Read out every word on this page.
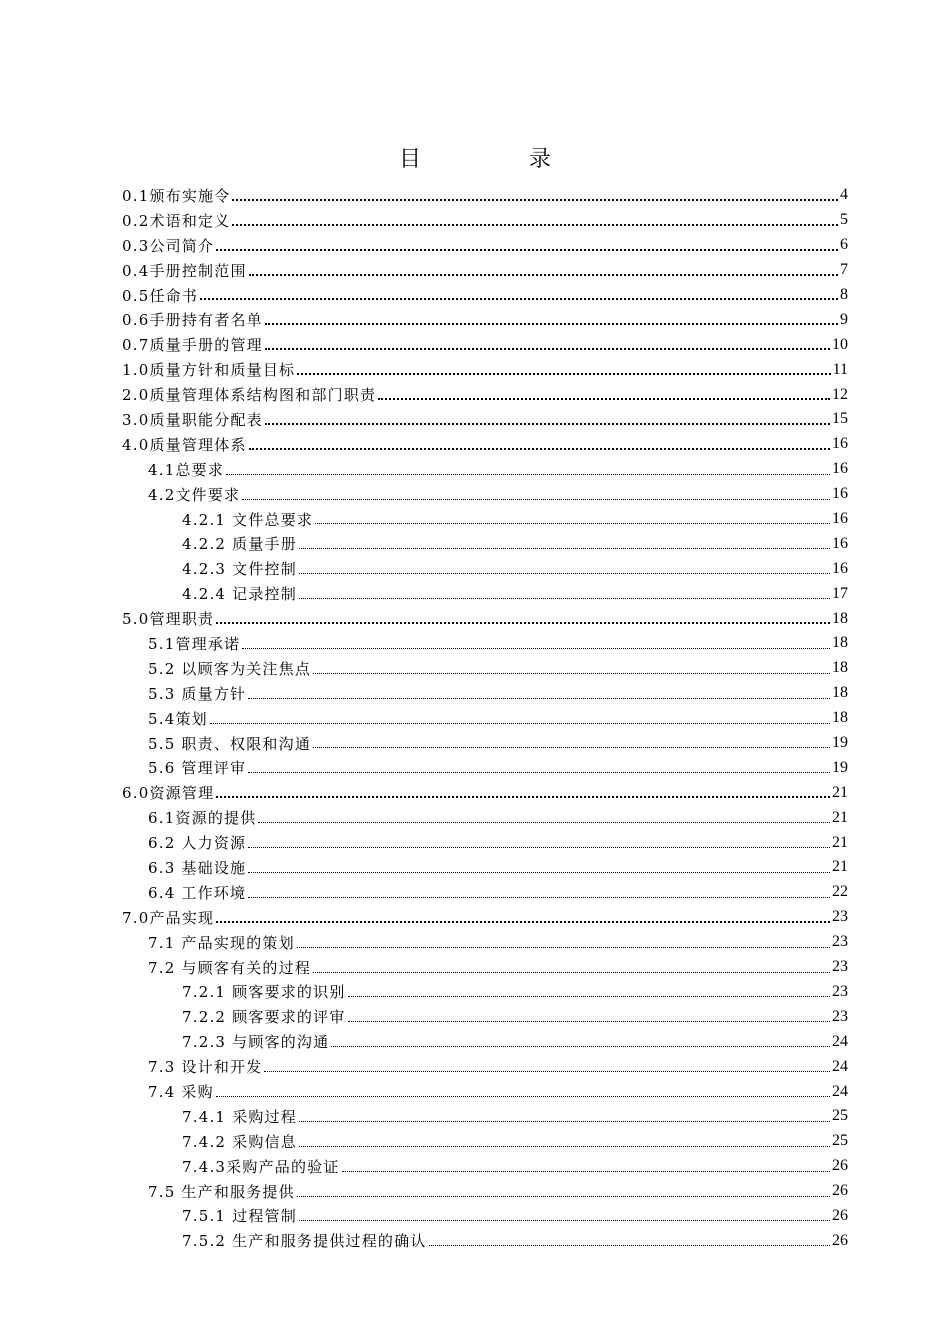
目录
0.1颁布实施令	4
0.2术语和定义	5
0.3公司简介	6
0.4手册控制范围	7
0.5任命书	8
0.6手册持有者名单	9
0.7质量手册的管理	10
1.0质量方针和质量目标	11
2.0质量管理体系结构图和部门职责	12
3.0质量职能分配表	15
4.0质量管理体系	16
4.1总要求	16
4.2文件要求	16
4.2.1 文件总要求	16
4.2.2 质量手册	16
4.2.3 文件控制	16
4.2.4 记录控制	17
5.0管理职责	18
5.1管理承诺	18
5.2 以顾客为关注焦点	18
5.3 质量方针	18
5.4策划	18
5.5 职责、权限和沟通	19
5.6 管理评审	19
6.0资源管理	21
6.1资源的提供	21
6.2 人力资源	21
6.3 基础设施	21
6.4 工作环境	22
7.0产品实现	23
7.1 产品实现的策划	23
7.2 与顾客有关的过程	23
7.2.1 顾客要求的识别	23
7.2.2 顾客要求的评审	23
7.2.3 与顾客的沟通	24
7.3 设计和开发	24
7.4 采购	24
7.4.1 采购过程	25
7.4.2 采购信息	25
7.4.3采购产品的验证	26
7.5 生产和服务提供	26
7.5.1 过程管制	26
7.5.2 生产和服务提供过程的确认	26
